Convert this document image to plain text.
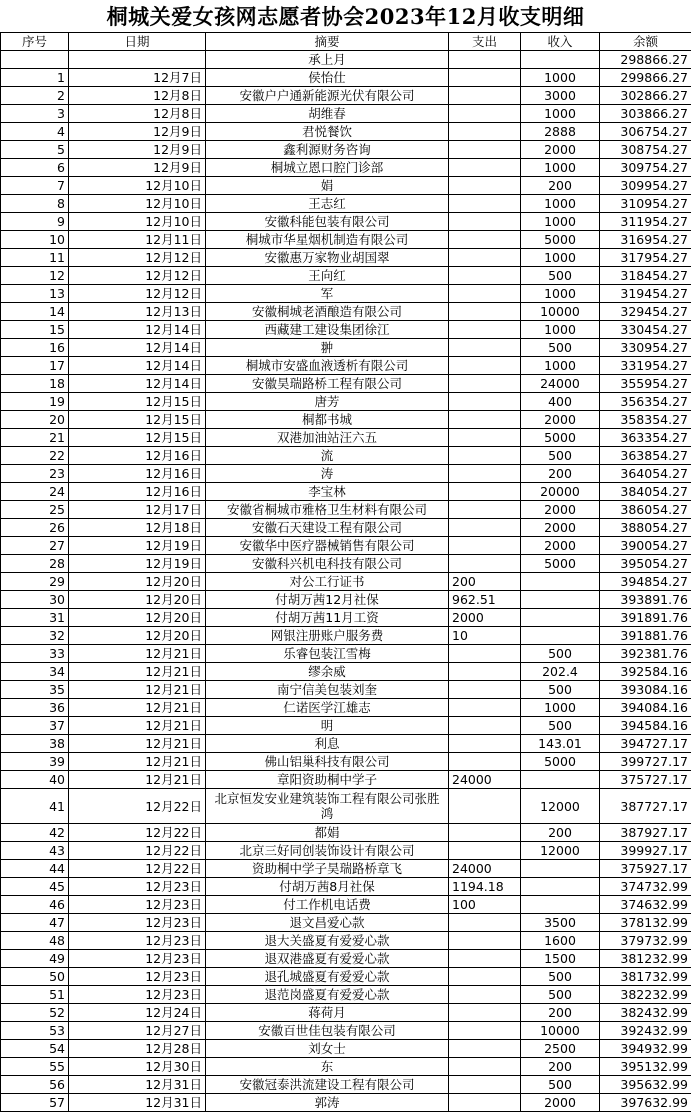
桐城关爱女孩网志愿者协会2023年12月收支明细
序号	日期	摘要	支出	收入	余额
		承上月			298866.27
1	12月7日	侯怡仕		1000	299866.27
2	12月8日	安徽户户通新能源光伏有限公司		3000	302866.27
3	12月8日	胡维春		1000	303866.27
4	12月9日	君悦餐饮		2888	306754.27
5	12月9日	鑫利源财务咨询		2000	308754.27
6	12月9日	桐城立恩口腔门诊部		1000	309754.27
7	12月10日	娟		200	309954.27
8	12月10日	王志红		1000	310954.27
9	12月10日	安徽科能包装有限公司		1000	311954.27
10	12月11日	桐城市华星烟机制造有限公司		5000	316954.27
11	12月12日	安徽惠万家物业胡国翠		1000	317954.27
12	12月12日	王向红		500	318454.27
13	12月12日	军		1000	319454.27
14	12月13日	安徽桐城老酒酿造有限公司		10000	329454.27
15	12月14日	西藏建工建设集团徐江		1000	330454.27
16	12月14日	翀		500	330954.27
17	12月14日	桐城市安盛血液透析有限公司		1000	331954.27
18	12月14日	安徽昊瑞路桥工程有限公司		24000	355954.27
19	12月15日	唐芳		400	356354.27
20	12月15日	桐都书城		2000	358354.27
21	12月15日	双港加油站汪六五		5000	363354.27
22	12月16日	流		500	363854.27
23	12月16日	涛		200	364054.27
24	12月16日	李宝林		20000	384054.27
25	12月17日	安徽省桐城市雅格卫生材料有限公司		2000	386054.27
26	12月18日	安徽石天建设工程有限公司		2000	388054.27
27	12月19日	安徽华中医疗器械销售有限公司		2000	390054.27
28	12月19日	安徽科兴机电科技有限公司		5000	395054.27
29	12月20日	对公工行证书	200		394854.27
30	12月20日	付胡万茜12月社保	962.51		393891.76
31	12月20日	付胡万茜11月工资	2000		391891.76
32	12月20日	网银注册账户服务费	10		391881.76
33	12月21日	乐睿包装江雪梅		500	392381.76
34	12月21日	缪余威		202.4	392584.16
35	12月21日	南宁信美包装刘奎		500	393084.16
36	12月21日	仁诺医学江雄志		1000	394084.16
37	12月21日	明		500	394584.16
38	12月21日	利息		143.01	394727.17
39	12月21日	佛山铝巢科技有限公司		5000	399727.17
40	12月21日	章阳资助桐中学子	24000		375727.17
41	12月22日	北京恒发安业建筑装饰工程有限公司张胜鸿		12000	387727.17
42	12月22日	都娟		200	387927.17
43	12月22日	北京三好同创装饰设计有限公司		12000	399927.17
44	12月22日	资助桐中学子昊瑞路桥章飞	24000		375927.17
45	12月23日	付胡万茜8月社保	1194.18		374732.99
46	12月23日	付工作机电话费	100		374632.99
47	12月23日	退文昌爱心款		3500	378132.99
48	12月23日	退大关盛夏有爱爱心款		1600	379732.99
49	12月23日	退双港盛夏有爱爱心款		1500	381232.99
50	12月23日	退孔城盛夏有爱爱心款		500	381732.99
51	12月23日	退范岗盛夏有爱爱心款		500	382232.99
52	12月24日	蒋荷月		200	382432.99
53	12月27日	安徽百世佳包装有限公司		10000	392432.99
54	12月28日	刘女士		2500	394932.99
55	12月30日	东		200	395132.99
56	12月31日	安徽冠泰洪流建设工程有限公司		500	395632.99
57	12月31日	郭涛		2000	397632.99
